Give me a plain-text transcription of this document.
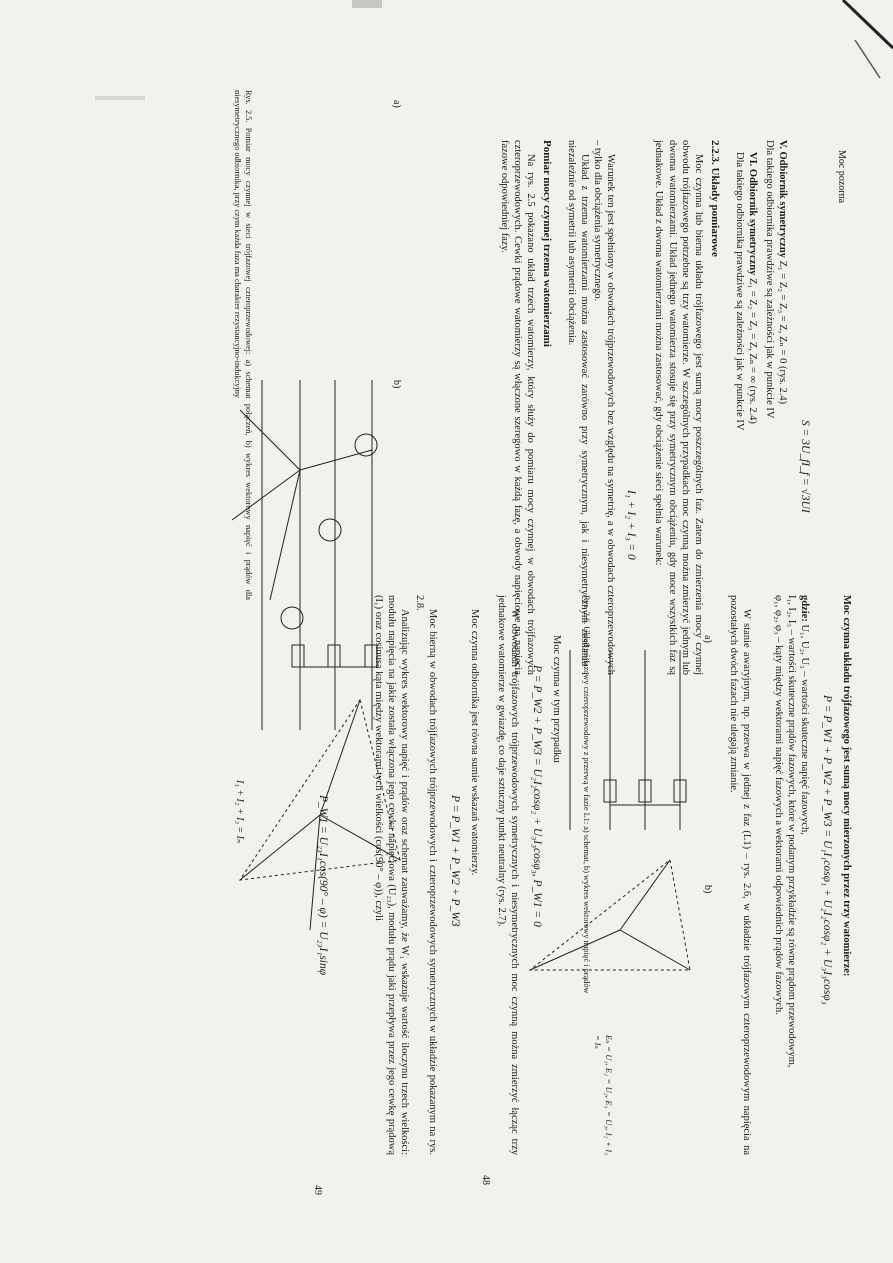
Moc pozorna
S = 3U_fI_f = √3UI
V. Odbiornik symetryczny Z₁ = Z₂ = Z₃ = Z, Zₙ = 0 (rys. 2.4)
Dla takiego odbiornika prawdziwe są zależności jak w punkcie IV
VI. Odbiornik symetryczny Z₁ = Z₂ = Z₃ = Z, Zₙ = ∞ (rys. 2.4)
Dla takiego odbiornika prawdziwe są zależności jak w punkcie IV
2.2.3. Układy pomiarowe
Moc czynna lub bierna układu trójfazowego jest sumą mocy poszczególnych faz. Zatem do zmierzenia mocy czynnej obwodu trójfazowego potrzebne są trzy watomierze. W szczególnych przypadkach moc czynną można zmierzyć jednym lub dwoma watomierzami. Układ jednego watomierza stosuje się przy symetrycznym obciążeniu, gdy moce wszystkich faz są jednakowe. Układ z dwoma watomierzami można zastosować, gdy obciążenie sieci spełnia warunek:
I₁ + I₂ + I₃ = 0
Warunek ten jest spełniony w obwodach trójprzewodowych bez względu na symetrię, a w obwodach czteroprzewodowych – tylko dla obciążenia symetrycznego.
Układ z trzema watomierzami można zastosować zarówno przy symetrycznym, jak i niesymetrycznym zasilaniu i niezależnie od symetrii lub asymetrii obciążenia.
Pomiar mocy czynnej trzema watomierzami
Na rys. 2.5 pokazano układ trzech watomierzy, który służy do pomiaru mocy czynnej w obwodach trójfazowych czteroprzewodowych. Cewki prądowe watomierzy są włączone szeregowo w każdą fazę, a obwody napięciowe na napięcia fazowe odpowiedniej fazy.
48
Rys. 2.5. Pomiar mocy czynnej w sieci trójfazowej czteroprzewodowej: a) schemat połączeń, b) wykres wektorowy napięć i prądów dla niesymetrycznego odbiornika, przy czym każda faza ma charakter rezystancyjno-indukcyjny
I₁ + I₂ + I₃ = Iₙ
a)
b)
Moc czynna układu trójfazowego jest sumą mocy mierzonych przez trzy watomierze:
P = P_W1 + P_W2 + P_W3 = U₁I₁cosφ₁ + U₂I₂cosφ₂ + U₃I₃cosφ₃
gdzie: U₁, U₂, U₃ – wartości skuteczne napięć fazowych,
I₁, I₂, I₃ – wartości skuteczne prądów fazowych, które w podanym przykładzie są równe prądom przewodowym,
φ₁, φ₂, φ₃ – kąty między wektorami napięć fazowych a wektorami odpowiednich prądów fazowych.
W stanie awaryjnym, np. przerwa w jednej z faz (L1) – rys. 2.6, w układzie trójfazowym czteroprzewodowym napięcia na pozostałych dwóch fazach nie ulegają zmianie.
a)
b)
Rys. 2.6. Układ trójfazowy czteroprzewodowy z przerwą w fazie L1: a) schemat, b) wykres wektorowy napięć i prądów
Eₙ = U₁, E₂ = U₂, E₃ = U₃, I₂ + I₃ = Iₙ
Moc czynna w tym przypadku
P = P_W2 + P_W3 = U₂I₂cosφ₂ + U₃I₃cosφ₃, P_W1 = 0
W obwodach trójfazowych trójprzewodowych symetrycznych i niesymetrycznych moc czynną można zmierzyć łącząc trzy jednakowe watomierze w gwiazdę, co daje sztuczny punkt neutralny (rys. 2.7).
Moc czynna odbiornika jest równa sumie wskazań watomierzy.
P = P_W1 + P_W2 + P_W3
Moc bierną w obwodach trójfazowych trójprzewodowych i czteroprzewodowych symetrycznych w układzie pokazanym na rys. 2.8.
Analizując wykres wektorowy napięć i prądów oraz schemat zauważamy, że W₁ wskazuje wartość iloczynu trzech wielkości: modułu napięcia na jakie została włączona jego cewka napięciowa (U₂₃), modułu prądu jaki przepływa przez jego cewkę prądową (I₁) oraz cosinusa kąta między wektorami tych wielkości (cos(90° – φ)), czyli
P_W1 = U₂₃I₁cos(90° – φ) = U₂₃I₁sinφ
49
